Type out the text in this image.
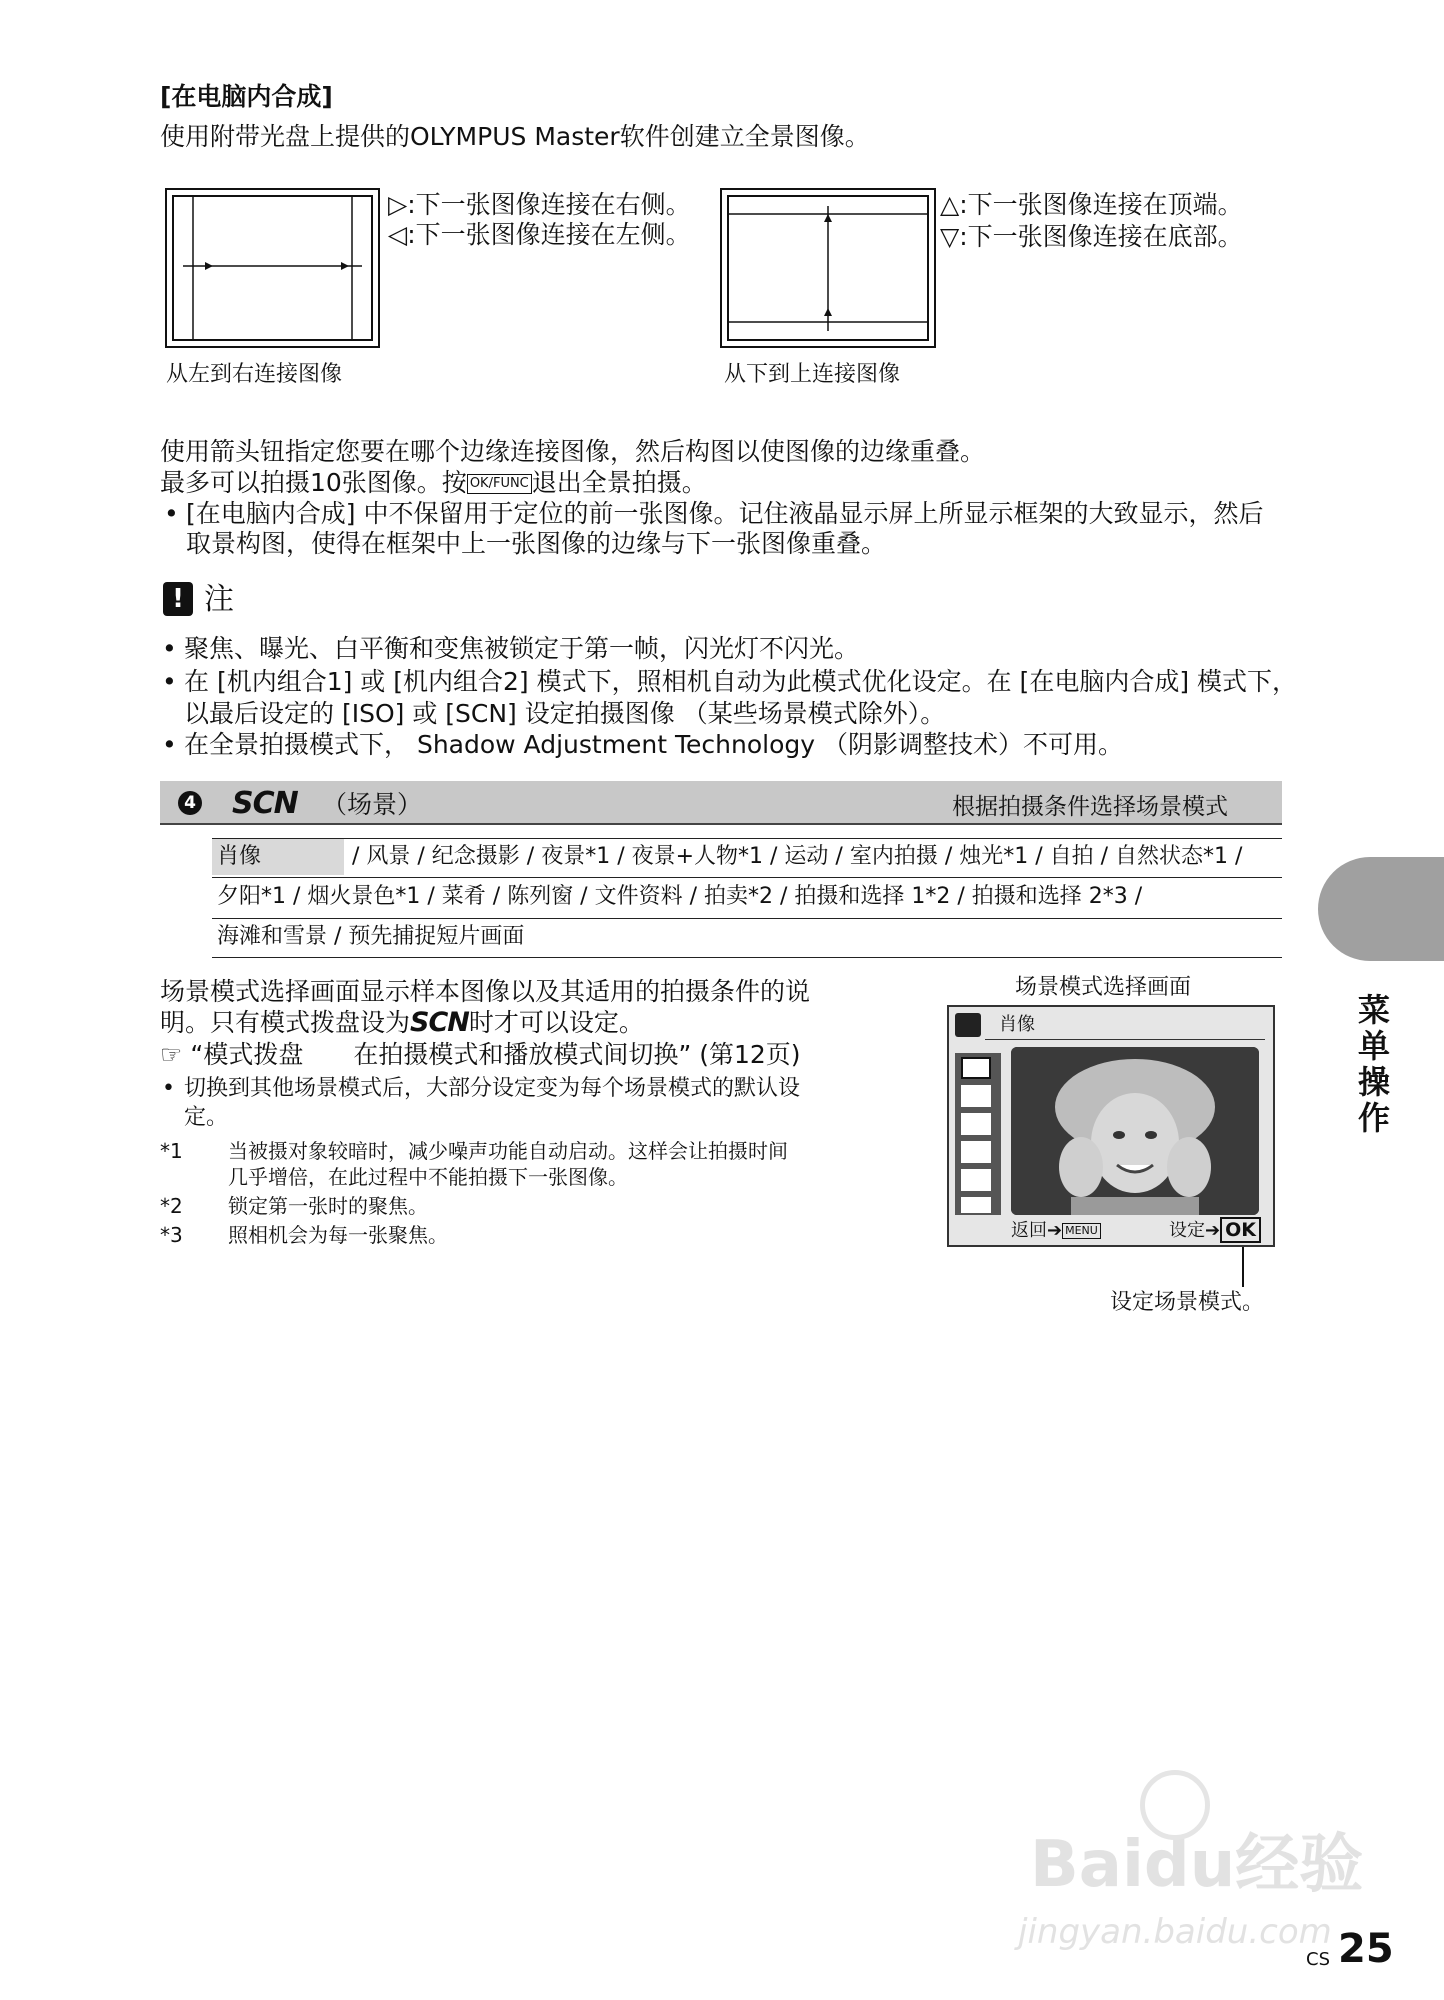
[在电脑内合成]
使用附带光盘上提供的OLYMPUS Master软件创建立全景图像。
▷:下一张图像连接在右侧。
◁:下一张图像连接在左侧。
从左到右连接图像
△:下一张图像连接在顶端。
▽:下一张图像连接在底部。
从下到上连接图像
使用箭头钮指定您要在哪个边缘连接图像，然后构图以使图像的边缘重叠。
最多可以拍摄10张图像。按 OK/FUNC 退出全景拍摄。
• [在电脑内合成] 中不保留用于定位的前一张图像。记住液晶显示屏上所显示框架的大致显示，然后
取景构图，使得在框架中上一张图像的边缘与下一张图像重叠。
! 注
• 聚焦、曝光、白平衡和变焦被锁定于第一帧，闪光灯不闪光。
• 在 [机内组合1] 或 [机内组合2] 模式下，照相机自动为此模式优化设定。在 [在电脑内合成] 模式下，
以最后设定的 [ISO] 或 [SCN] 设定拍摄图像 （某些场景模式除外）。
• 在全景拍摄模式下， Shadow Adjustment Technology （阴影调整技术）不可用。
4 SCN （场景）	根据拍摄条件选择场景模式
肖像	/ 风景 / 纪念摄影 / 夜景*1 / 夜景+人物*1 / 运动 / 室内拍摄 / 烛光*1 / 自拍 / 自然状态*1 /
夕阳*1 / 烟火景色*1 / 菜肴 / 陈列窗 / 文件资料 / 拍卖*2 / 拍摄和选择 1*2 / 拍摄和选择 2*3 /
海滩和雪景 / 预先捕捉短片画面
场景模式选择画面显示样本图像以及其适用的拍摄条件的说
明。只有模式拨盘设为SCN时才可以设定。
☞ “模式拨盘　　在拍摄模式和播放模式间切换” (第12页)
• 切换到其他场景模式后，大部分设定变为每个场景模式的默认设
定。
*1 当被摄对象较暗时，减少噪声功能自动启动。这样会让拍摄时间
几乎增倍，在此过程中不能拍摄下一张图像。
*2 锁定第一张时的聚焦。
*3 照相机会为每一张聚焦。
场景模式选择画面
肖像
返回➔ MENU	设定➔ OK
设定场景模式。
菜单操作
Baidu经验
jingyan.baidu.com
CS 25
